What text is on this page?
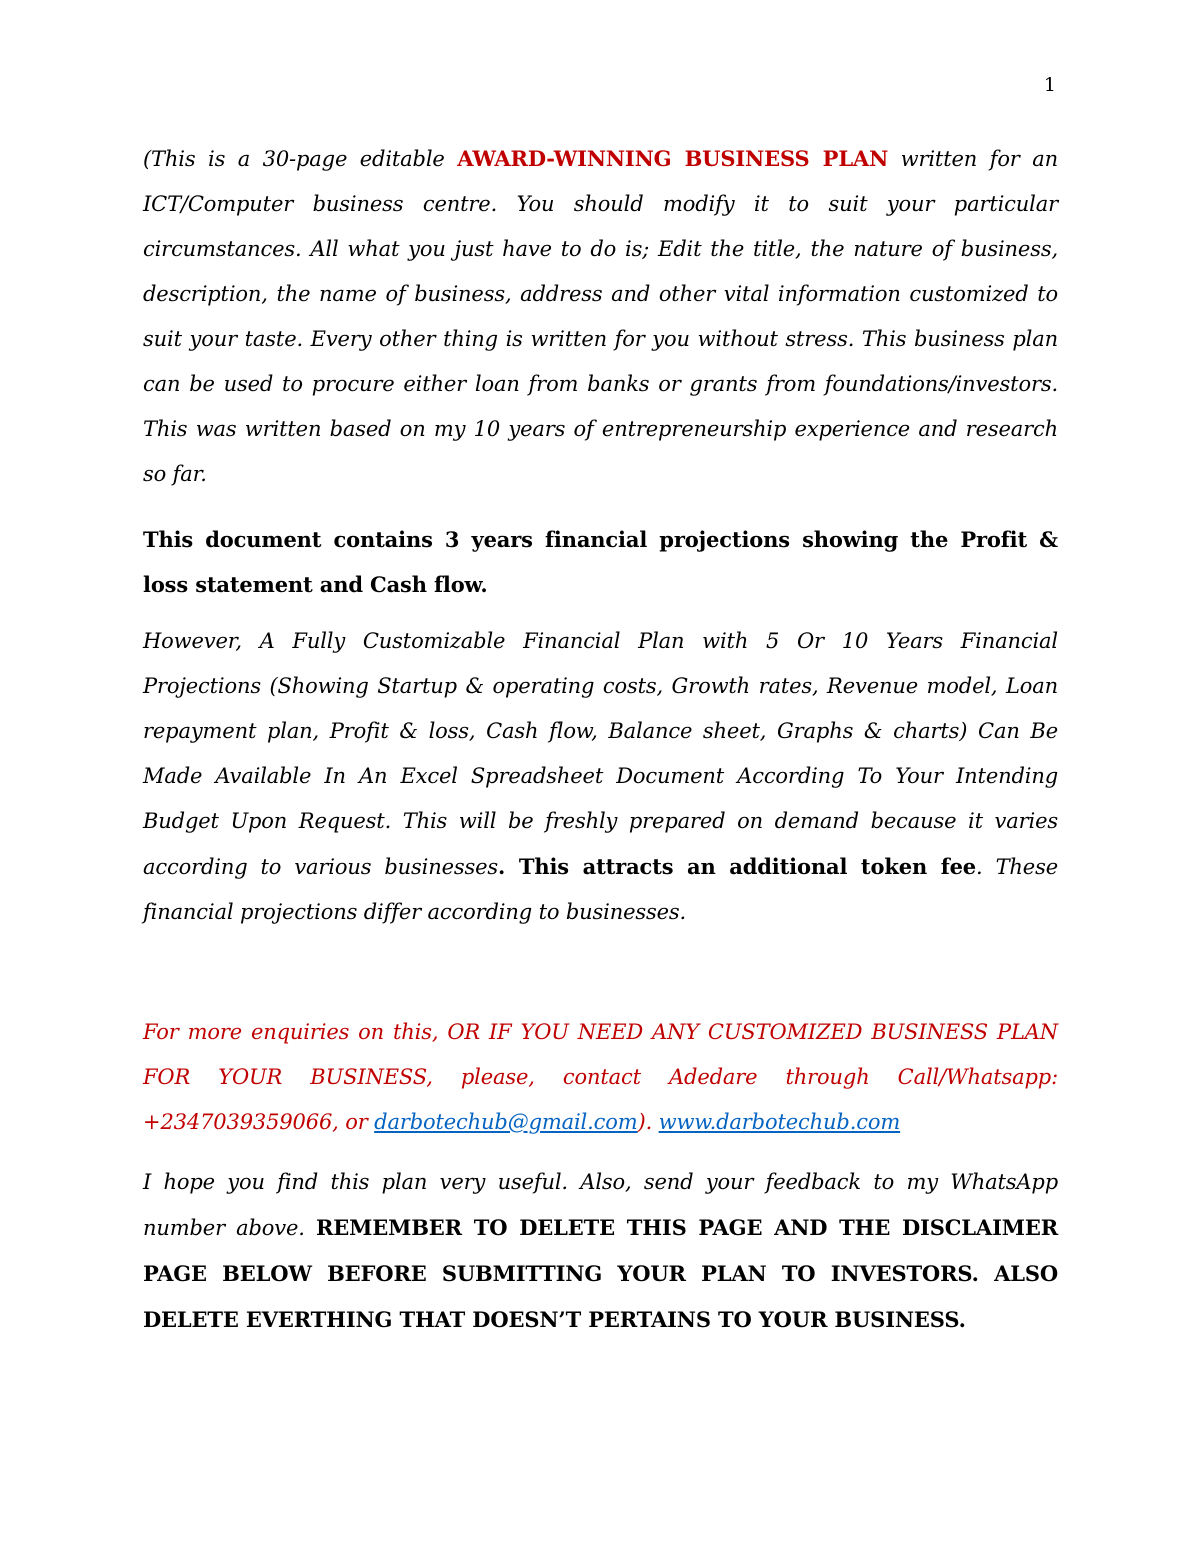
1

(This is a 30-page editable AWARD-WINNING BUSINESS PLAN written for an ICT/Computer business centre. You should modify it to suit your particular circumstances. All what you just have to do is; Edit the title, the nature of business, description, the name of business, address and other vital information customized to suit your taste. Every other thing is written for you without stress. This business plan can be used to procure either loan from banks or grants from foundations/investors. This was written based on my 10 years of entrepreneurship experience and research so far.

This document contains 3 years financial projections showing the Profit & loss statement and Cash flow.

However, A Fully Customizable Financial Plan with 5 Or 10 Years Financial Projections (Showing Startup & operating costs, Growth rates, Revenue model, Loan repayment plan, Profit & loss, Cash flow, Balance sheet, Graphs & charts) Can Be Made Available In An Excel Spreadsheet Document According To Your Intending Budget Upon Request. This will be freshly prepared on demand because it varies according to various businesses. This attracts an additional token fee. These financial projections differ according to businesses.

For more enquiries on this, OR IF YOU NEED ANY CUSTOMIZED BUSINESS PLAN FOR YOUR BUSINESS, please, contact Adedare through Call/Whatsapp: +2347039359066, or darbotechub@gmail.com). www.darbotechub.com

I hope you find this plan very useful. Also, send your feedback to my WhatsApp number above. REMEMBER TO DELETE THIS PAGE AND THE DISCLAIMER PAGE BELOW BEFORE SUBMITTING YOUR PLAN TO INVESTORS. ALSO DELETE EVERTHING THAT DOESN’T PERTAINS TO YOUR BUSINESS.
